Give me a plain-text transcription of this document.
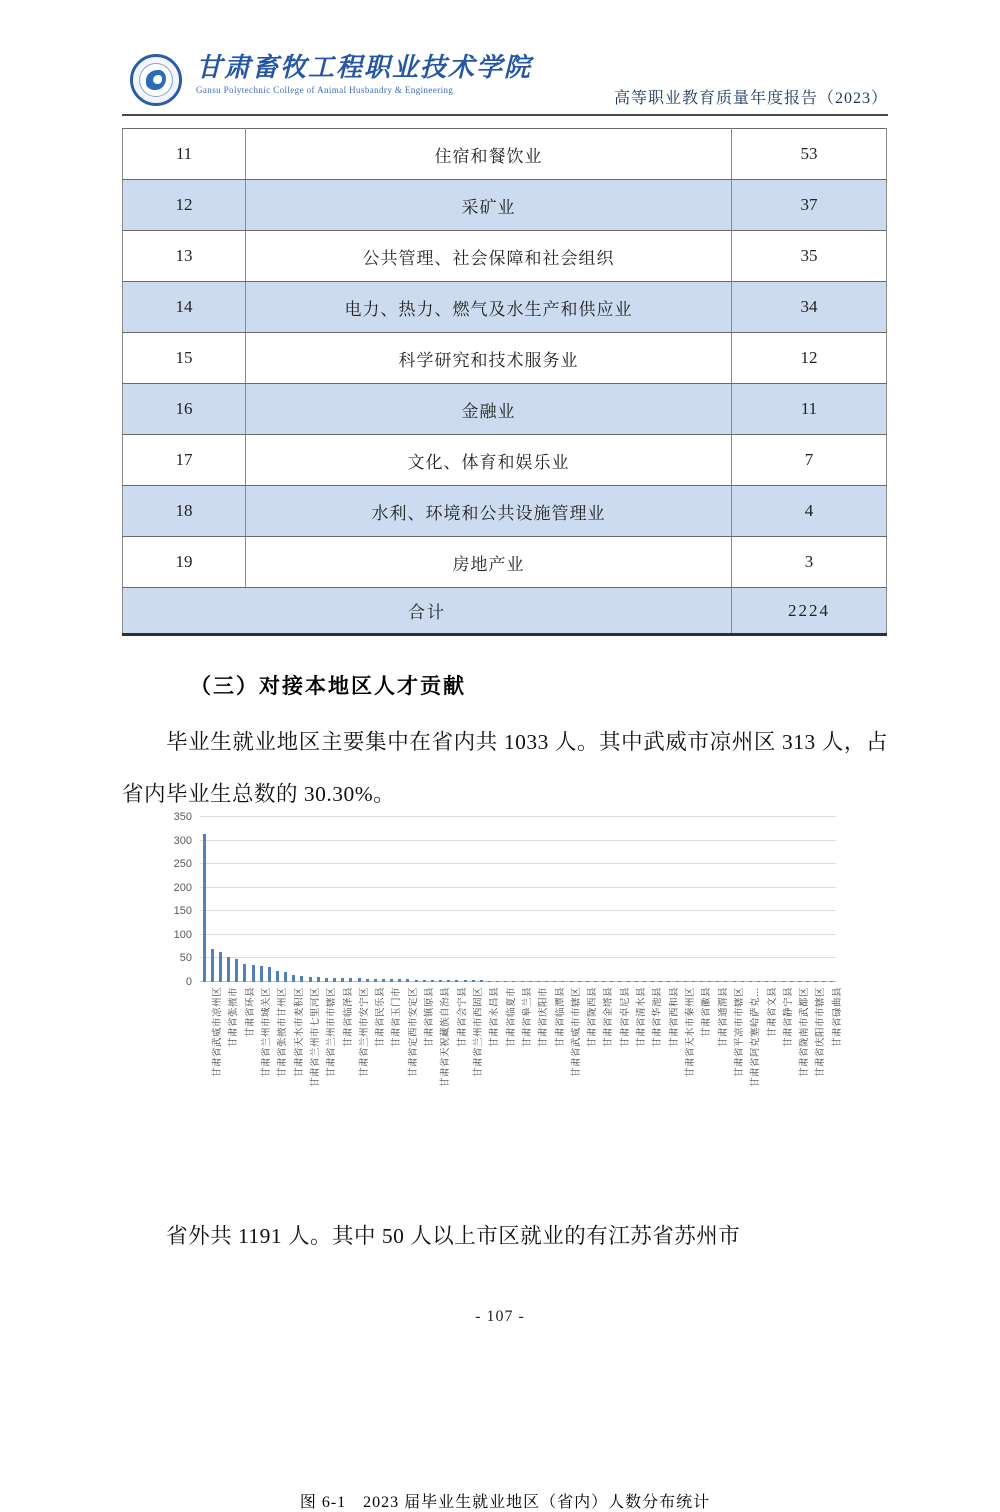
甘肃畜牧工程职业技术学院
Gansu Polytechnic College of Animal Husbandry & Engineering	高等职业教育质量年度报告（2023）
11	住宿和餐饮业	53
12	采矿业	37
13	公共管理、社会保障和社会组织	35
14	电力、热力、燃气及水生产和供应业	34
15	科学研究和技术服务业	12
16	金融业	11
17	文化、体育和娱乐业	7
18	水利、环境和公共设施管理业	4
19	房地产业	3
合计		2224
（三）对接本地区人才贡献

毕业生就业地区主要集中在省内共 1033 人。其中武威市凉州区 313 人，占省内毕业生总数的 30.30%。

0
50
100
150
200
250
300
350
甘肃省武威市凉州区 甘肃省张掖市 甘肃省环县 甘肃省兰州市城关区 甘肃省张掖市甘州区 甘肃省天水市麦积区 甘肃省兰州市七里河区 甘肃省兰州市市辖区 甘肃省临泽县 甘肃省兰州市安宁区 甘肃省民乐县 甘肃省玉门市 甘肃省定西市安定区 甘肃省镇原县 甘肃省天祝藏族自治县 甘肃省会宁县 甘肃省兰州市西固区 甘肃省永昌县 甘肃省临夏市 甘肃省皋兰县 甘肃省庆阳市 甘肃省临潭县 甘肃省武威市市辖区 甘肃省陇西县 甘肃省金塔县 甘肃省卓尼县 甘肃省清水县 甘肃省华池县 甘肃省西和县 甘肃省天水市秦州区 甘肃省徽县 甘肃省通渭县 甘肃省平凉市市辖区 甘肃省阿克塞哈萨克… 甘肃省文县 甘肃省静宁县 甘肃省陇南市武都区 甘肃省庆阳市市辖区 甘肃省碌曲县
图 6-1　2023 届毕业生就业地区（省内）人数分布统计

省外共 1191 人。其中 50 人以上市区就业的有江苏省苏州市

- 107 -
